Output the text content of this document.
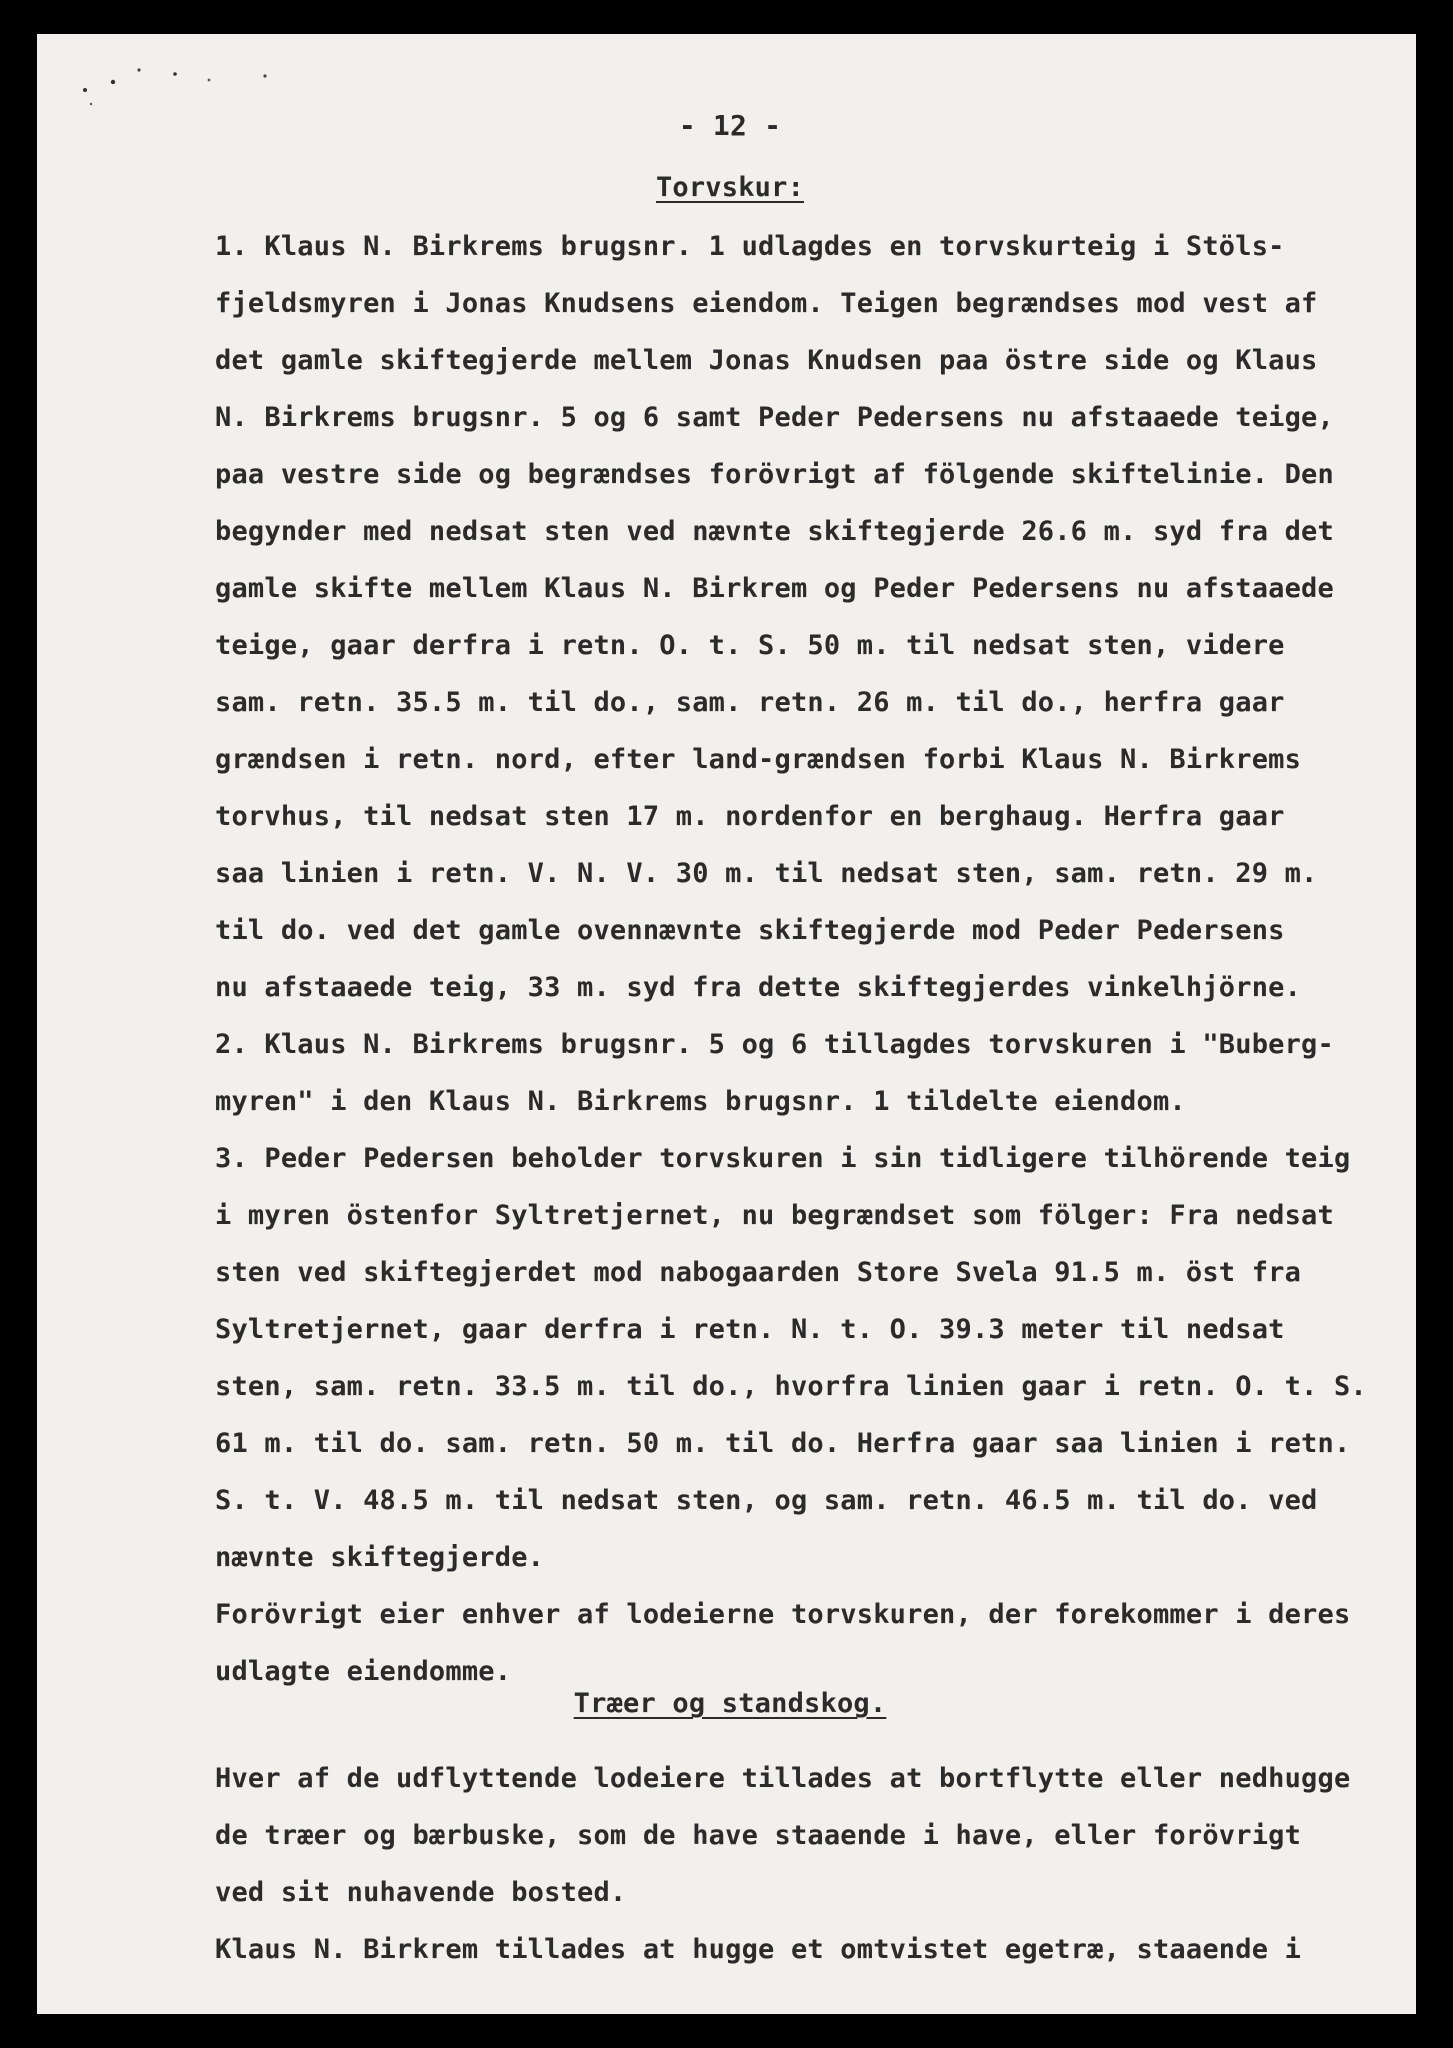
- 12 -
Torvskur:
1. Klaus N. Birkrems brugsnr. 1 udlagdes en torvskurteig i Stöls-
fjeldsmyren i Jonas Knudsens eiendom. Teigen begrændses mod vest af
det gamle skiftegjerde mellem Jonas Knudsen paa östre side og Klaus
N. Birkrems brugsnr. 5 og 6 samt Peder Pedersens nu afstaaede teige,
paa vestre side og begrændses forövrigt af fölgende skiftelinie. Den
begynder med nedsat sten ved nævnte skiftegjerde 26.6 m. syd fra det
gamle skifte mellem Klaus N. Birkrem og Peder Pedersens nu afstaaede
teige, gaar derfra i retn. O. t. S. 50 m. til nedsat sten, videre
sam. retn. 35.5 m. til do., sam. retn. 26 m. til do., herfra gaar
grændsen i retn. nord, efter land-grændsen forbi Klaus N. Birkrems
torvhus, til nedsat sten 17 m. nordenfor en berghaug. Herfra gaar
saa linien i retn. V. N. V. 30 m. til nedsat sten, sam. retn. 29 m.
til do. ved det gamle ovennævnte skiftegjerde mod Peder Pedersens
nu afstaaede teig, 33 m. syd fra dette skiftegjerdes vinkelhjörne.
2. Klaus N. Birkrems brugsnr. 5 og 6 tillagdes torvskuren i "Buberg-
myren" i den Klaus N. Birkrems brugsnr. 1 tildelte eiendom.
3. Peder Pedersen beholder torvskuren i sin tidligere tilhörende teig
i myren östenfor Syltretjernet, nu begrændset som fölger: Fra nedsat
sten ved skiftegjerdet mod nabogaarden Store Svela 91.5 m. öst fra
Syltretjernet, gaar derfra i retn. N. t. O. 39.3 meter til nedsat
sten, sam. retn. 33.5 m. til do., hvorfra linien gaar i retn. O. t. S.
61 m. til do. sam. retn. 50 m. til do. Herfra gaar saa linien i retn.
S. t. V. 48.5 m. til nedsat sten, og sam. retn. 46.5 m. til do. ved
nævnte skiftegjerde.
Forövrigt eier enhver af lodeierne torvskuren, der forekommer i deres
udlagte eiendomme.
Træer og standskog.
Hver af de udflyttende lodeiere tillades at bortflytte eller nedhugge
de træer og bærbuske, som de have staaende i have, eller forövrigt
ved sit nuhavende bosted.
Klaus N. Birkrem tillades at hugge et omtvistet egetræ, staaende i
